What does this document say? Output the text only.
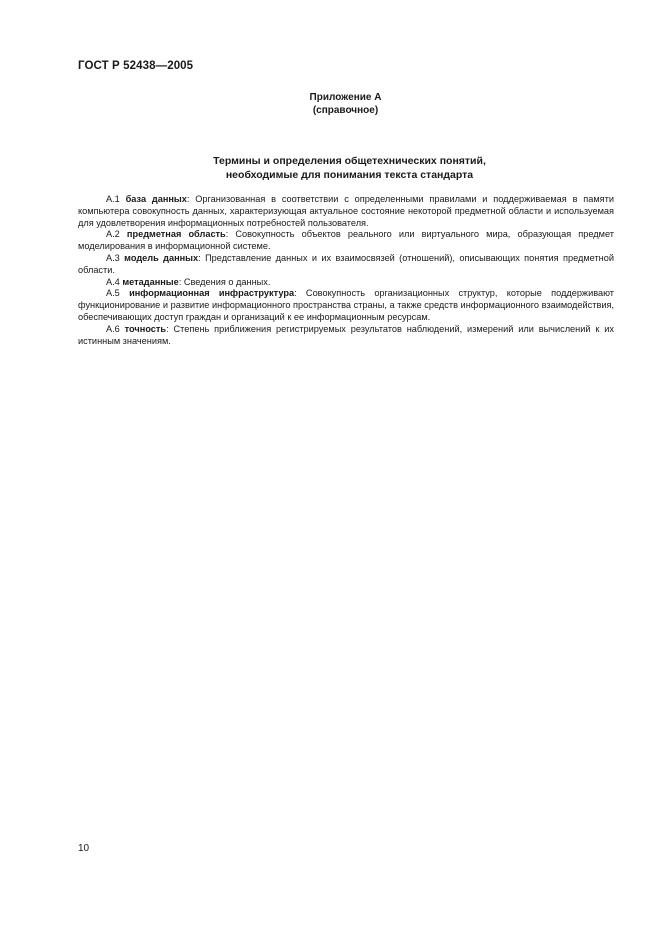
ГОСТ Р 52438—2005
Приложение А
(справочное)
Термины и определения общетехнических понятий,
необходимые для понимания текста стандарта

А.1 база данных: Организованная в соответствии с определенными правилами и поддерживаемая в памяти компьютера совокупность данных, характеризующая актуальное состояние некоторой предметной области и используемая для удовлетворения информационных потребностей пользователя.

А.2 предметная область: Совокупность объектов реального или виртуального мира, образующая предмет моделирования в информационной системе.

А.3 модель данных: Представление данных и их взаимосвязей (отношений), описывающих понятия предметной области.

А.4 метаданные: Сведения о данных.

А.5 информационная инфраструктура: Совокупность организационных структур, которые поддерживают функционирование и развитие информационного пространства страны, а также средств информационного взаимодействия, обеспечивающих доступ граждан и организаций к ее информационным ресурсам.

А.6 точность: Степень приближения регистрируемых результатов наблюдений, измерений или вычислений к их истинным значениям.

10
